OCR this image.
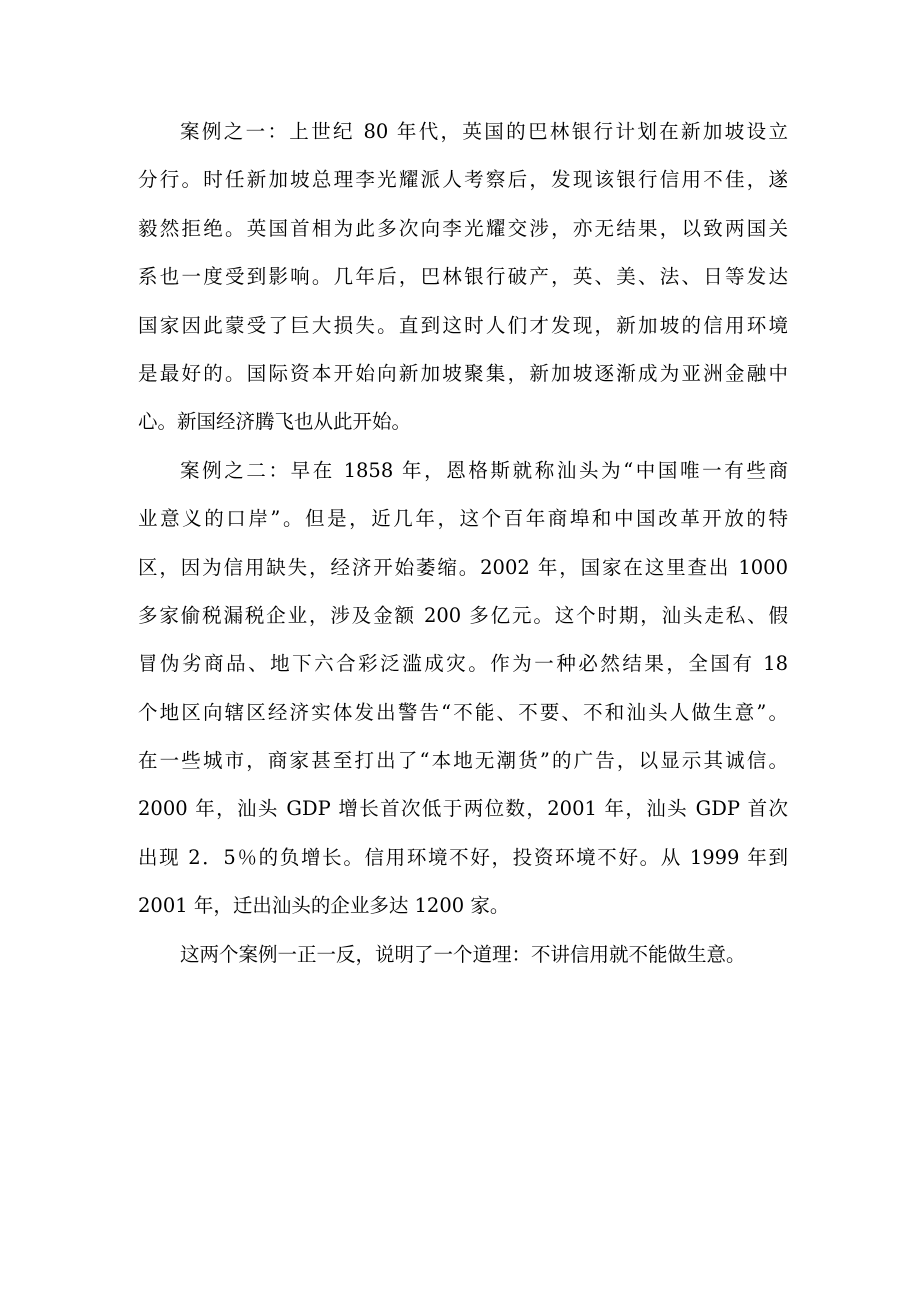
案例之一：上世纪 80 年代，英国的巴林银行计划在新加坡设立
分行。时任新加坡总理李光耀派人考察后，发现该银行信用不佳，遂
毅然拒绝。英国首相为此多次向李光耀交涉，亦无结果，以致两国关
系也一度受到影响。几年后，巴林银行破产，英、美、法、日等发达
国家因此蒙受了巨大损失。直到这时人们才发现，新加坡的信用环境
是最好的。国际资本开始向新加坡聚集，新加坡逐渐成为亚洲金融中
心。新国经济腾飞也从此开始。
案例之二：早在 1858 年，恩格斯就称汕头为“中国唯一有些商
业意义的口岸”。但是，近几年，这个百年商埠和中国改革开放的特
区，因为信用缺失，经济开始萎缩。2002 年，国家在这里查出 1000
多家偷税漏税企业，涉及金额 200 多亿元。这个时期，汕头走私、假
冒伪劣商品、地下六合彩泛滥成灾。作为一种必然结果，全国有 18
个地区向辖区经济实体发出警告“不能、不要、不和汕头人做生意”。
在一些城市，商家甚至打出了“本地无潮货”的广告，以显示其诚信。
2000 年，汕头 GDP 增长首次低于两位数，2001 年，汕头 GDP 首次
出现 2．5％的负增长。信用环境不好，投资环境不好。从 1999 年到
2001 年，迁出汕头的企业多达 1200 家。
这两个案例一正一反，说明了一个道理：不讲信用就不能做生意。
